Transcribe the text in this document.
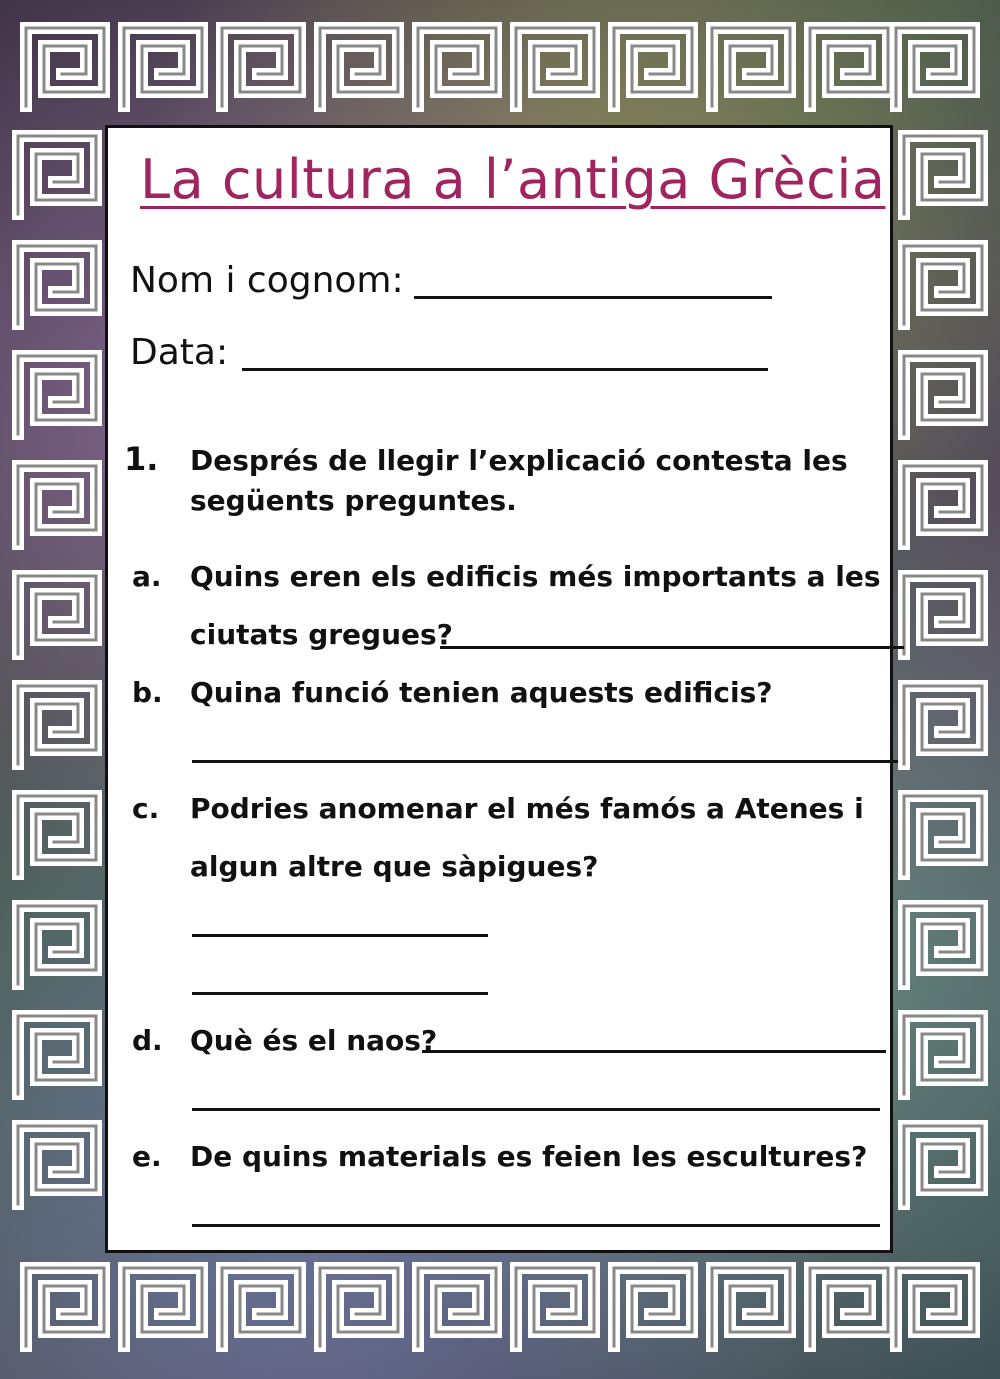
La cultura a l’antiga Grècia
Nom i cognom:
Data:
1. Després de llegir l’explicació contesta les
següents preguntes.
a. Quins eren els edificis més importants a les
ciutats gregues?
b. Quina funció tenien aquests edificis?
c. Podries anomenar el més famós a Atenes i
algun altre que sàpigues?
d. Què és el naos?
e. De quins materials es feien les escultures?
